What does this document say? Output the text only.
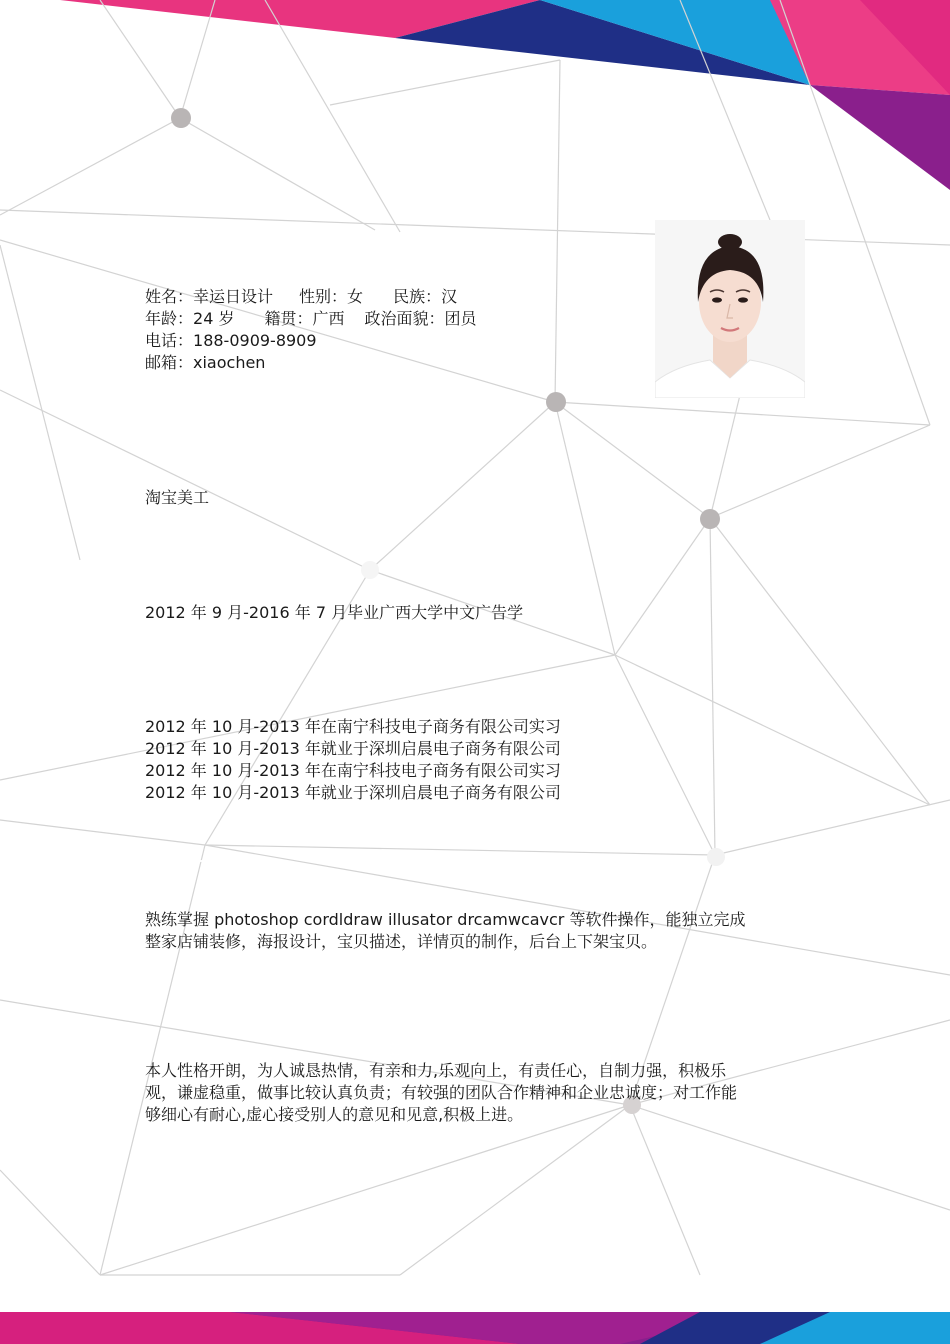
姓名：幸运日设计 性别：女 民族：汉
年龄：24 岁 籍贯：广西 政治面貌：团员
电话：188-0909-8909
邮箱：xiaochen
淘宝美工
2012 年 9 月-2016 年 7 月毕业广西大学中文广告学
2012 年 10 月-2013 年在南宁科技电子商务有限公司实习
2012 年 10 月-2013 年就业于深圳启晨电子商务有限公司
2012 年 10 月-2013 年在南宁科技电子商务有限公司实习
2012 年 10 月-2013 年就业于深圳启晨电子商务有限公司
熟练掌握 photoshop cordldraw illusator drcamwcavcr 等软件操作，能独立完成整家店铺装修，海报设计，宝贝描述，详情页的制作，后台上下架宝贝。
本人性格开朗，为人诚恳热情，有亲和力,乐观向上，有责任心，自制力强，积极乐观，谦虚稳重，做事比较认真负责；有较强的团队合作精神和企业忠诚度；对工作能够细心有耐心,虚心接受别人的意见和见意,积极上进。
